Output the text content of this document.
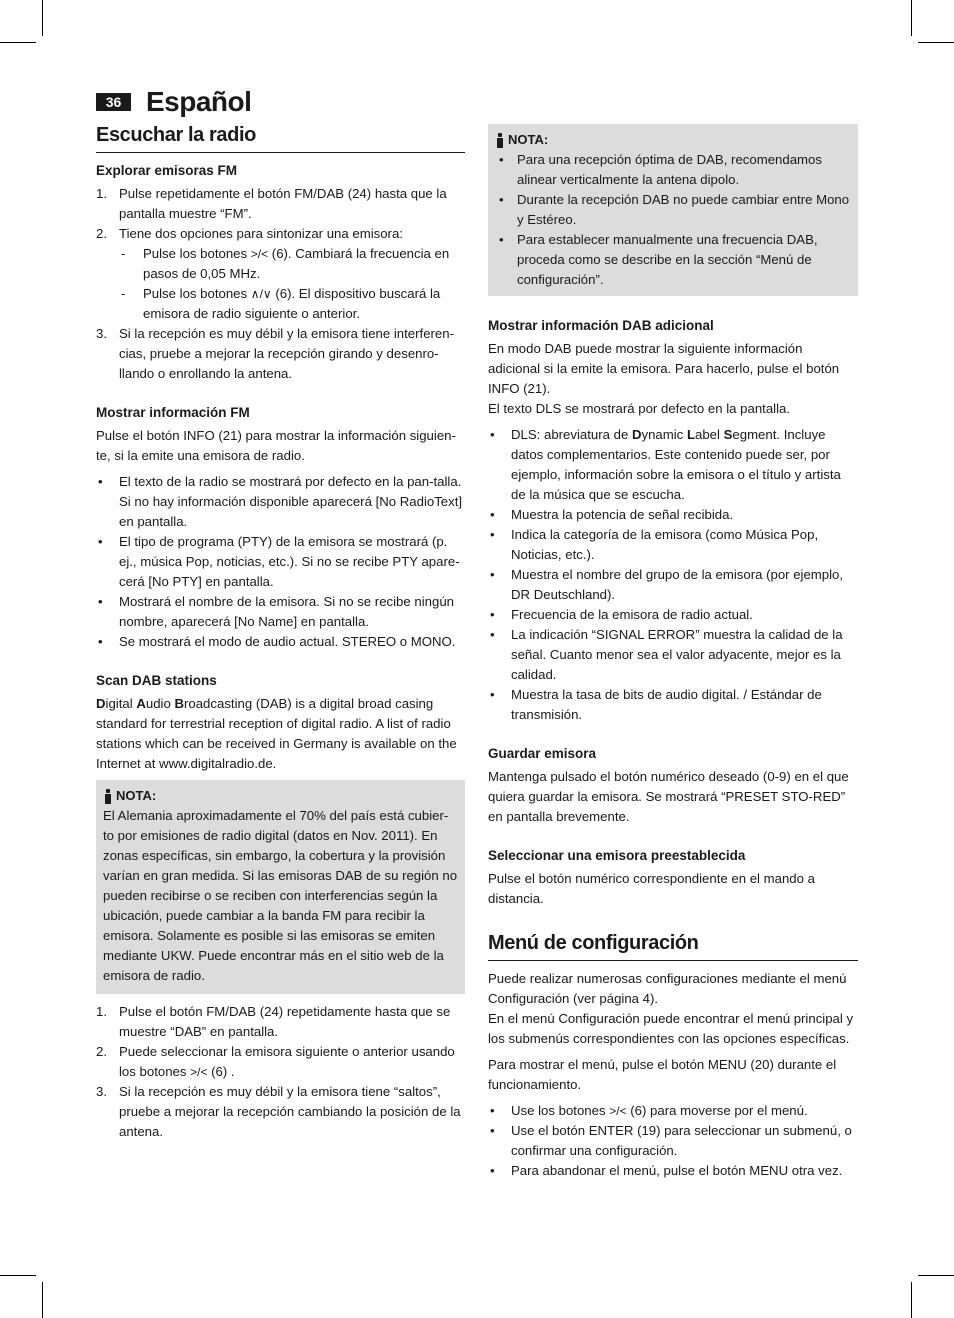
36 Español
Escuchar la radio
Explorar emisoras FM
1. Pulse repetidamente el botón FM/DAB (24) hasta que la pantalla muestre “FM”.
2. Tiene dos opciones para sintonizar una emisora:
- Pulse los botones >/< (6). Cambiará la frecuencia en pasos de 0,05 MHz.
- Pulse los botones ∧/∨ (6). El dispositivo buscará la emisora de radio siguiente o anterior.
3. Si la recepción es muy débil y la emisora tiene interferen-cias, pruebe a mejorar la recepción girando y desenro-llando o enrollando la antena.
Mostrar información FM

Pulse el botón INFO (21) para mostrar la información siguien-te, si la emite una emisora de radio.

• El texto de la radio se mostrará por defecto en la pan-talla. Si no hay información disponible aparecerá [No RadioText] en pantalla.
• El tipo de programa (PTY) de la emisora se mostrará (p. ej., música Pop, noticias, etc.). Si no se recibe PTY apare-cerá [No PTY] en pantalla.
• Mostrará el nombre de la emisora. Si no se recibe ningún nombre, aparecerá [No Name] en pantalla.
• Se mostrará el modo de audio actual. STEREO o MONO.
Scan DAB stations

Digital Audio Broadcasting (DAB) is a digital broad casing standard for terrestrial reception of digital radio. A list of radio stations which can be received in Germany is available on the Internet at www.digitalradio.de.

NOTA:

El Alemania aproximadamente el 70% del país está cubier-to por emisiones de radio digital (datos en Nov. 2011). En zonas específicas, sin embargo, la cobertura y la provisión varían en gran medida. Si las emisoras DAB de su región no pueden recibirse o se reciben con interferencias según la ubicación, puede cambiar a la banda FM para recibir la emisora. Solamente es posible si las emisoras se emiten mediante UKW. Puede encontrar más en el sitio web de la emisora de radio.

1. Pulse el botón FM/DAB (24) repetidamente hasta que se muestre “DAB” en pantalla.
2. Puede seleccionar la emisora siguiente o anterior usando los botones >/< (6) .
3. Si la recepción es muy débil y la emisora tiene “saltos”, pruebe a mejorar la recepción cambiando la posición de la antena.
NOTA:
• Para una recepción óptima de DAB, recomendamos alinear verticalmente la antena dipolo.
• Durante la recepción DAB no puede cambiar entre Mono y Estéreo.
• Para establecer manualmente una frecuencia DAB, proceda como se describe en la sección “Menú de configuración”.
Mostrar información DAB adicional

En modo DAB puede mostrar la siguiente información adicional si la emite la emisora. Para hacerlo, pulse el botón INFO (21).

El texto DLS se mostrará por defecto en la pantalla.

• DLS: abreviatura de Dynamic Label Segment. Incluye datos complementarios. Este contenido puede ser, por ejemplo, información sobre la emisora o el título y artista de la música que se escucha.
• Muestra la potencia de señal recibida.
• Indica la categoría de la emisora (como Música Pop, Noticias, etc.).
• Muestra el nombre del grupo de la emisora (por ejemplo, DR Deutschland).
• Frecuencia de la emisora de radio actual.
• La indicación “SIGNAL ERROR” muestra la calidad de la señal. Cuanto menor sea el valor adyacente, mejor es la calidad.
• Muestra la tasa de bits de audio digital. / Estándar de transmisión.
Guardar emisora

Mantenga pulsado el botón numérico deseado (0-9) en el que quiera guardar la emisora. Se mostrará “PRESET STO-RED” en pantalla brevemente.

Seleccionar una emisora preestablecida

Pulse el botón numérico correspondiente en el mando a distancia.

Menú de configuración

Puede realizar numerosas configuraciones mediante el menú Configuración (ver página 4).

En el menú Configuración puede encontrar el menú principal y los submenús correspondientes con las opciones específicas.

Para mostrar el menú, pulse el botón MENU (20) durante el funcionamiento.

• Use los botones >/< (6) para moverse por el menú.
• Use el botón ENTER (19) para seleccionar un submenú, o confirmar una configuración.
• Para abandonar el menú, pulse el botón MENU otra vez.
